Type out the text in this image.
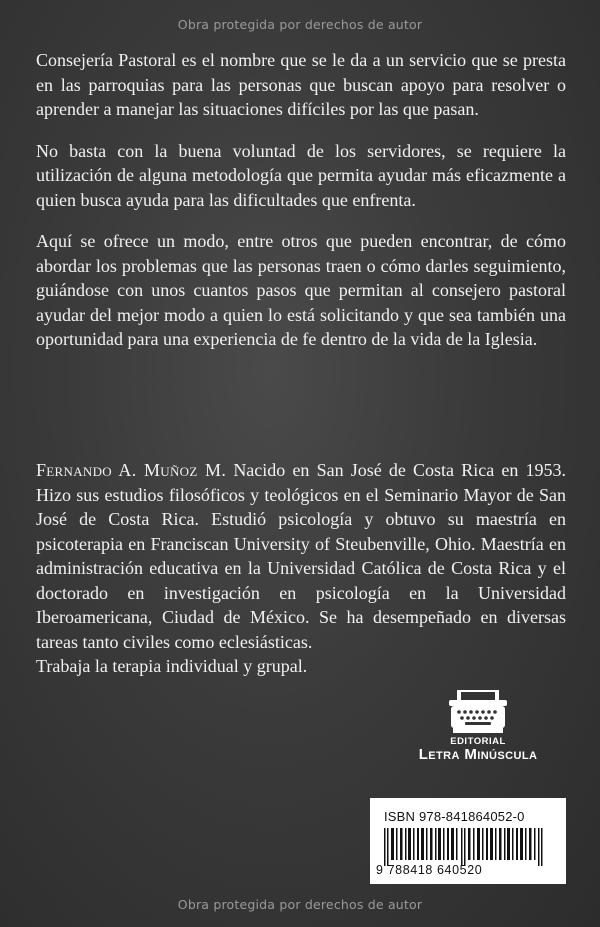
Obra protegida por derechos de autor

Consejería Pastoral es el nombre que se le da a un servicio que se presta en las parroquias para las personas que buscan apoyo para resolver o aprender a manejar las situaciones difíciles por las que pasan.

No basta con la buena voluntad de los servidores, se requiere la utilización de alguna metodología que permita ayudar más eficazmente a quien busca ayuda para las dificultades que enfrenta.

Aquí se ofrece un modo, entre otros que pueden encontrar, de cómo abordar los problemas que las personas traen o cómo darles seguimiento, guiándose con unos cuantos pasos que permitan al consejero pastoral ayudar del mejor modo a quien lo está solicitando y que sea también una oportunidad para una experiencia de fe dentro de la vida de la Iglesia.

Fernando A. Muñoz M. Nacido en San José de Costa Rica en 1953. Hizo sus estudios filosóficos y teológicos en el Seminario Mayor de San José de Costa Rica. Estudió psicología y obtuvo su maestría en psicoterapia en Franciscan University of Steubenville, Ohio. Maestría en administración educativa en la Universidad Católica de Costa Rica y el doctorado en investigación en psicología en la Universidad Iberoamericana, Ciudad de México. Se ha desempeñado en diversas tareas tanto civiles como eclesiásticas.

Trabaja la terapia individual y grupal.
EDITORIAL
Letra Minúscula
ISBN 978-841864052-0
9 788418 640520
Obra protegida por derechos de autor
